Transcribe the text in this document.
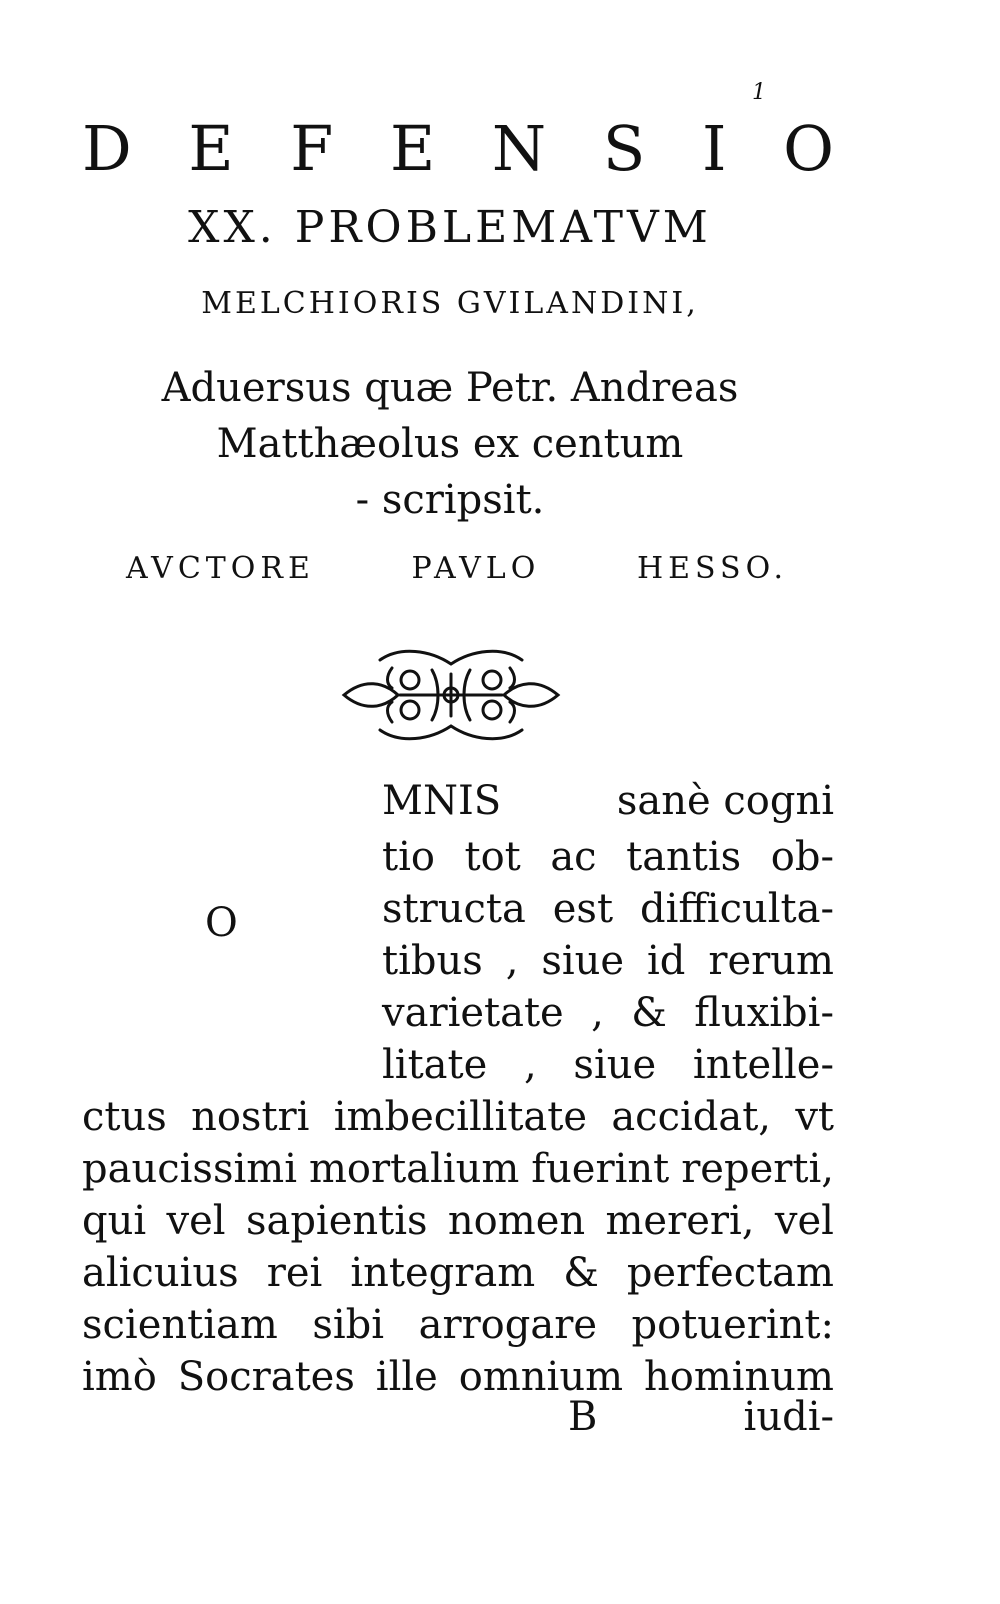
1
D E F E N S I O
XX. PROBLEMATVM
MELCHIORIS GVILANDINI,
Aduersus quæ Petr. Andreas
Matthæolus ex centum
- scripsit.
AVCTORE	PAVLO	HESSO.
O
MNIS	sanè cogni
tio tot ac tantis ob-
structa est difficulta-
tibus , siue id rerum
varietate , & fluxibi-
litate , siue intelle-
ctus nostri imbecillitate accidat, vt
paucissimi mortalium fuerint reperti,
qui vel sapientis nomen mereri, vel
alicuius rei integram & perfectam
scientiam sibi arrogare potuerint:
imò Socrates ille omnium hominum
B	iudi-
